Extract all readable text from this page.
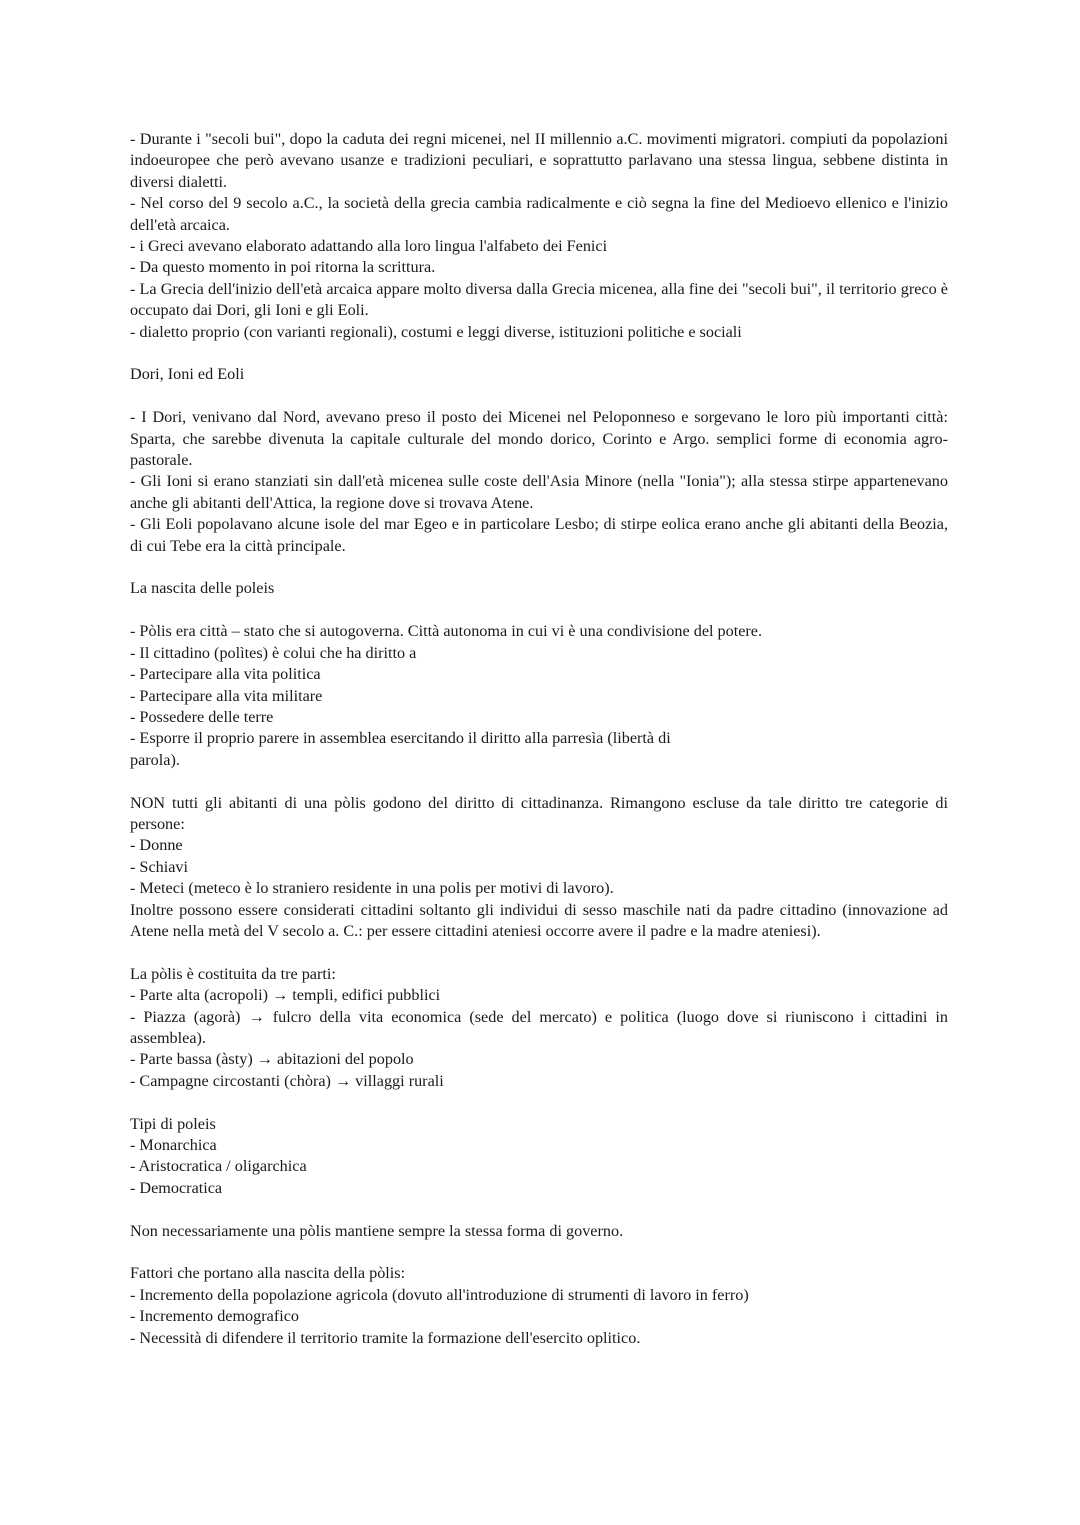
- Durante i "secoli bui", dopo la caduta dei regni micenei, nel II millennio a.C. movimenti migratori. compiuti da popolazioni indoeuropee che però avevano usanze e tradizioni peculiari, e soprattutto parlavano una stessa lingua, sebbene distinta in diversi dialetti.

- Nel corso del 9 secolo a.C., la società della grecia cambia radicalmente e ciò segna la fine del Medioevo ellenico e l'inizio dell'età arcaica.

- i Greci avevano elaborato adattando alla loro lingua l'alfabeto dei Fenici

- Da questo momento in poi ritorna la scrittura.

- La Grecia dell'inizio dell'età arcaica appare molto diversa dalla Grecia micenea, alla fine dei "secoli bui", il territorio greco è occupato dai Dori, gli Ioni e gli Eoli.

- dialetto proprio (con varianti regionali), costumi e leggi diverse, istituzioni politiche e sociali

Dori, Ioni ed Eoli

- I Dori, venivano dal Nord, avevano preso il posto dei Micenei nel Peloponneso e sorgevano le loro più importanti città: Sparta, che sarebbe divenuta la capitale culturale del mondo dorico, Corinto e Argo. semplici forme di economia agro-pastorale.

- Gli Ioni si erano stanziati sin dall'età micenea sulle coste dell'Asia Minore (nella "Ionia"); alla stessa stirpe appartenevano anche gli abitanti dell'Attica, la regione dove si trovava Atene.

- Gli Eoli popolavano alcune isole del mar Egeo e in particolare Lesbo; di stirpe eolica erano anche gli abitanti della Beozia, di cui Tebe era la città principale.

La nascita delle poleis

- Pòlis era città – stato che si autogoverna. Città autonoma in cui vi è una condivisione del potere.

- Il cittadino (polìtes) è colui che ha diritto a

- Partecipare alla vita politica

- Partecipare alla vita militare

- Possedere delle terre

- Esporre il proprio parere in assemblea esercitando il diritto alla parresìa (libertà di
parola).

NON tutti gli abitanti di una pòlis godono del diritto di cittadinanza. Rimangono escluse da tale diritto tre categorie di persone:

- Donne

- Schiavi

- Meteci (meteco è lo straniero residente in una polis per motivi di lavoro).

Inoltre possono essere considerati cittadini soltanto gli individui di sesso maschile nati da padre cittadino (innovazione ad Atene nella metà del V secolo a. C.: per essere cittadini ateniesi occorre avere il padre e la madre ateniesi).

La pòlis è costituita da tre parti:

- Parte alta (acropoli) → templi, edifici pubblici

- Piazza (agorà) → fulcro della vita economica (sede del mercato) e politica (luogo dove si riuniscono i cittadini in assemblea).

- Parte bassa (àsty) → abitazioni del popolo

- Campagne circostanti (chòra) → villaggi rurali

Tipi di poleis

- Monarchica

- Aristocratica / oligarchica

- Democratica

Non necessariamente una pòlis mantiene sempre la stessa forma di governo.

Fattori che portano alla nascita della pòlis:

- Incremento della popolazione agricola (dovuto all'introduzione di strumenti di lavoro in ferro)

- Incremento demografico

- Necessità di difendere il territorio tramite la formazione dell'esercito oplitico.
